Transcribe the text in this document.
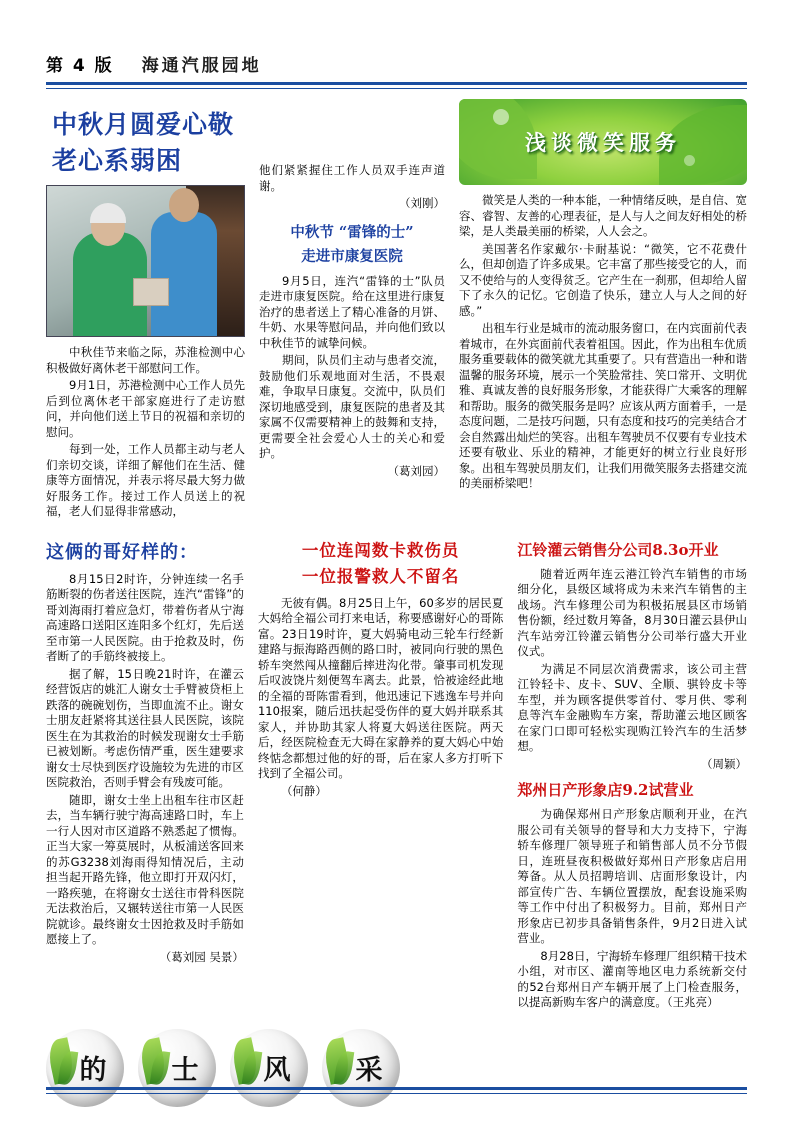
第 4 版 海通汽服园地
中秋月圆爱心敬老心系弱困

中秋佳节来临之际，苏淮检测中心积极做好离休老干部慰问工作。

9月1日，苏港检测中心工作人员先后到位离休老干部家庭进行了走访慰问，并向他们送上节日的祝福和亲切的慰问。

每到一处，工作人员都主动与老人们亲切交谈，详细了解他们在生活、健康等方面情况，并表示将尽最大努力做好服务工作。接过工作人员送上的祝福，老人们显得非常感动，

他们紧紧握住工作人员双手连声道谢。

（刘刚）

中秋节 “雷锋的士”
走进市康复医院

9月5日，连汽“雷锋的士”队员走进市康复医院。给在这里进行康复治疗的患者送上了精心准备的月饼、牛奶、水果等慰问品，并向他们致以中秋佳节的诚挚问候。

期间，队员们主动与患者交流，鼓励他们乐观地面对生活，不畏艰难，争取早日康复。交流中，队员们深切地感受到，康复医院的患者及其家属不仅需要精神上的鼓舞和支持，更需要全社会爱心人士的关心和爱护。

（葛刘园）

浅谈微笑服务

微笑是人类的一种本能，一种情绪反映，是自信、宽容、睿智、友善的心理表征，是人与人之间友好相处的桥梁，是人类最美丽的桥梁，人人会之。

美国著名作家戴尔·卡耐基说：“微笑，它不花费什么，但却创造了许多成果。它丰富了那些接受它的人，而又不使给与的人变得贫乏。它产生在一刹那，但却给人留下了永久的记忆。它创造了快乐，建立人与人之间的好感。”

出租车行业是城市的流动服务窗口，在内宾面前代表着城市，在外宾面前代表着祖国。因此，作为出租车优质服务重要载体的微笑就尤其重要了。只有营造出一种和谐温馨的服务环境，展示一个笑脸常挂、笑口常开、文明优雅、真诚友善的良好服务形象，才能获得广大乘客的理解和帮助。服务的微笑服务是吗？应该从两方面着手，一是态度问题，二是技巧问题，只有态度和技巧的完美结合才会自然露出灿烂的笑容。出租车驾驶员不仅要有专业技术还要有敬业、乐业的精神，才能更好的树立行业良好形象。出租车驾驶员朋友们，让我们用微笑服务去搭建交流的美丽桥梁吧！

这俩的哥好样的：

8月15日2时许，分钟连续一名手筋断裂的伤者送往医院，连汽“雷锋”的哥刘海雨打着应急灯，带着伤者从宁海高速路口送阳区连阳多个红灯，先后送至市第一人民医院。由于抢救及时，伤者断了的手筋终被接上。

据了解，15日晚21时许，在灌云经营饭店的姚汇人谢女士手臂被贷柜上跌落的碗碗划伤，当即血流不止。谢女士朋友赶紧将其送往县人民医院，该院医生在为其救治的时候发现谢女士手筋已被划断。考虑伤情严重，医生建要求谢女士尽快到医疗设施较为先进的市区医院救治，否则手臂会有残废可能。

随即，谢女士坐上出租车往市区赶去，当车辆行驶宁海高速路口时，车上一行人因对市区道路不熟悉起了惯悔。正当大家一筹莫展时，从板浦送客回来的苏G3238刘海雨得知情况后，主动担当起开路先锋，他立即打开双闪灯，一路疾驰，在将谢女士送往市骨科医院无法救治后，又辗转送往市第一人民医院就诊。最终谢女士因抢救及时手筋如愿接上了。

（葛刘园 吴景）

一位连闯数卡救伤员
一位报警救人不留名

无彼有偶。8月25日上午，60多岁的居民夏大妈给全福公司打来电话，称要感谢好心的哥陈富。23日19时许，夏大妈骑电动三轮车行经新建路与振海路西侧的路口时，被同向行驶的黑色轿车突然闯从撞翻后摔进沟化带。肇事司机发现后叹波饶片刻便驾车离去。此景，恰被途经此地的全福的哥陈雷看到，他迅速记下逃逸车号并向110报案，随后迅扶起受伤伴的夏大妈并联系其家人，并协助其家人将夏大妈送往医院。两天后，经医院检查无大碍在家静养的夏大妈心中始终惦念都想过他的好的哥，后在家人多方打听下找到了全福公司。

（何静）

江铃灌云销售分公司8.3o开业

随着近两年连云港江铃汽车销售的市场细分化，县级区域将成为未来汽车销售的主战场。汽车修理公司为积极拓展县区市场销售份额，经过数月筹备，8月30日灌云县伊山汽车站旁江铃灌云销售分公司举行盛大开业仪式。

为满足不同层次消费需求，该公司主营江铃轻卡、皮卡、SUV、全顺、骐铃皮卡等车型，并为顾客提供零首付、零月供、零利息等汽车金融购车方案，帮助灌云地区顾客在家门口即可轻松实现购江铃汽车的生活梦想。

（周颖）

郑州日产形象店9.2试营业

为确保郑州日产形象店顺利开业，在汽服公司有关领导的督导和大力支持下，宁海轿车修理厂领导班子和销售部人员不分节假日，连班昼夜积极做好郑州日产形象店启用筹备。从人员招聘培训、店面形象设计，内部宣传广告、车辆位置摆放，配套设施采购等工作中付出了积极努力。目前，郑州日产形象店已初步具备销售条件，9月2日进入试营业。

8月28日，宁海轿车修理厂组织精干技术小组，对市区、灌南等地区电力系统新交付的52台郑州日产车辆开展了上门检查服务，以提高新购车客户的满意度。（王兆亮）

的 士 风 采
